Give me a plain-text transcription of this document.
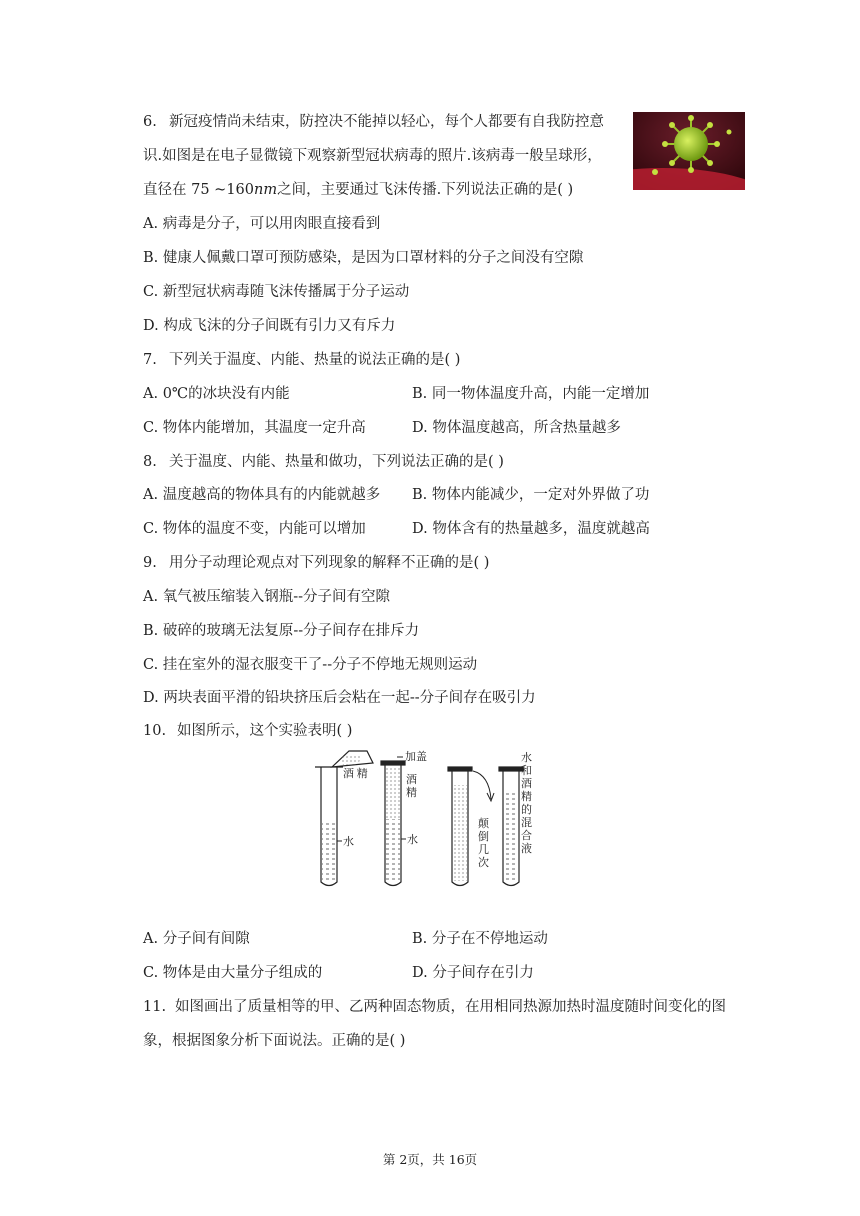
6. 新冠疫情尚未结束，防控决不能掉以轻心，每个人都要有自我防控意
识.如图是在电子显微镜下观察新型冠状病毒的照片.该病毒一般呈球形，
直径在 75 ~160nm之间，主要通过飞沫传播.下列说法正确的是( )
A. 病毒是分子，可以用肉眼直接看到
B. 健康人佩戴口罩可预防感染，是因为口罩材料的分子之间没有空隙
C. 新型冠状病毒随飞沫传播属于分子运动
D. 构成飞沫的分子间既有引力又有斥力
7. 下列关于温度、内能、热量的说法正确的是( )
A. 0℃的冰块没有内能	B. 同一物体温度升高，内能一定增加
C. 物体内能增加，其温度一定升高	D. 物体温度越高，所含热量越多
8. 关于温度、内能、热量和做功，下列说法正确的是( )
A. 温度越高的物体具有的内能就越多 B. 物体内能减少，一定对外界做了功
C. 物体的温度不变，内能可以增加	D. 物体含有的热量越多，温度就越高
9. 用分子动理论观点对下列现象的解释不正确的是( )
A. 氧气被压缩装入钢瓶--分子间有空隙
B. 破碎的玻璃无法复原--分子间存在排斥力
C. 挂在室外的湿衣服变干了--分子不停地无规则运动
D. 两块表面平滑的铅块挤压后会粘在一起--分子间存在吸引力
10. 如图所示，这个实验表明( )
酒 精
水
加盖
酒
精
水
颠
倒
几
次
水
和
酒
精
的
混
合
液
A. 分子间有间隙	B. 分子在不停地运动
C. 物体是由大量分子组成的	D. 分子间存在引力
11. 如图画出了质量相等的甲、乙两种固态物质，在用相同热源加热时温度随时间变化的图
象，根据图象分析下面说法。正确的是( )
第 2页，共 16页
